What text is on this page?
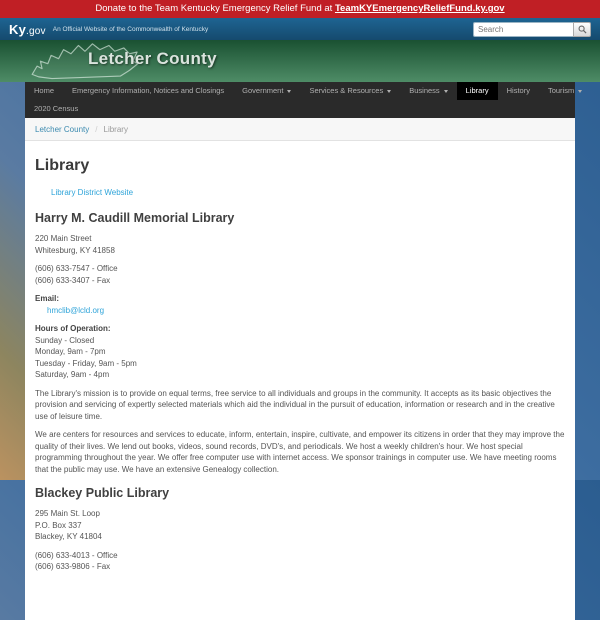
Donate to the Team Kentucky Emergency Relief Fund at TeamKYEmergencyReliefFund.ky.gov
Ky.gov An Official Website of the Commonwealth of Kentucky
Search
Letcher County
Home Emergency Information, Notices and Closings Government	Services & Resources	Business	Library History Tourism
2020 Census
Letcher County / Library
Library
Library District Website
Harry M. Caudill Memorial Library
220 Main Street
Whitesburg, KY 41858
(606) 633-7547 - Office
(606) 633-3407 - Fax
Email:
hmclib@lcld.org
Hours of Operation:
Sunday - Closed
Monday, 9am - 7pm
Tuesday - Friday, 9am - 5pm
Saturday, 9am - 4pm

The Library's mission is to provide on equal terms, free service to all individuals and groups in the community. It accepts as its basic objectives the provision and servicing of expertly selected materials which aid the individual in the pursuit of education, information or research and in the creative use of leisure time.

We are centers for resources and services to educate, inform, entertain, inspire, cultivate, and empower its citizens in order that they may improve the quality of their lives. We lend out books, videos, sound records, DVD's, and periodicals. We host a weekly children's hour. We host special programming throughout the year. We offer free computer use with internet access. We sponsor trainings in computer use. We have meeting rooms that the public may use. We have an extensive Genealogy collection.

Blackey Public Library
295 Main St. Loop
P.O. Box 337
Blackey, KY 41804
(606) 633-4013 - Office
(606) 633-9806 - Fax
